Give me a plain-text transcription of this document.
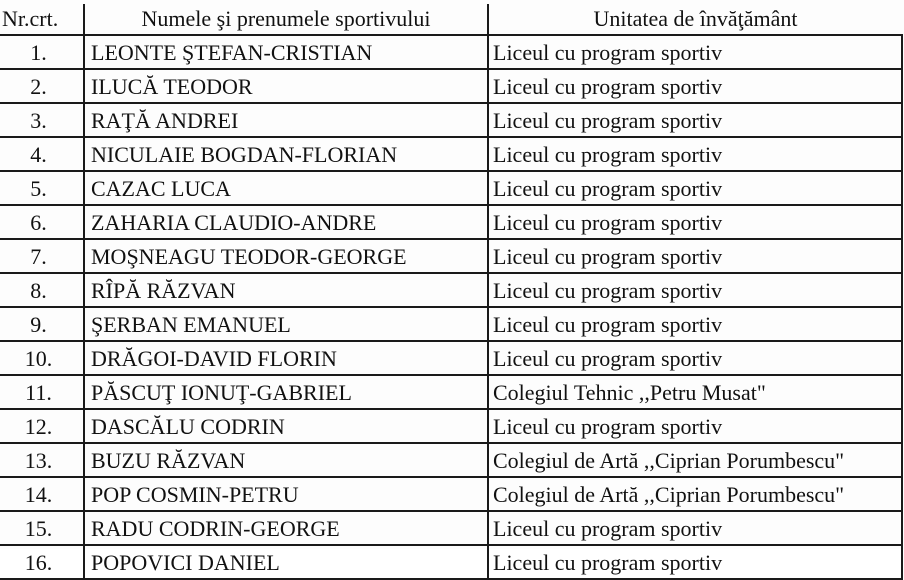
Nr.crt.	Numele şi prenumele sportivului	Unitatea de învăţământ
1.	LEONTE ŞTEFAN-CRISTIAN	Liceul cu program sportiv
2.	ILUCĂ TEODOR	Liceul cu program sportiv
3.	RAŢĂ ANDREI	Liceul cu program sportiv
4.	NICULAIE BOGDAN-FLORIAN	Liceul cu program sportiv
5.	CAZAC LUCA	Liceul cu program sportiv
6.	ZAHARIA CLAUDIO-ANDRE	Liceul cu program sportiv
7.	MOŞNEAGU TEODOR-GEORGE	Liceul cu program sportiv
8.	RÎPĂ RĂZVAN	Liceul cu program sportiv
9.	ŞERBAN EMANUEL	Liceul cu program sportiv
10.	DRĂGOI-DAVID FLORIN	Liceul cu program sportiv
11.	PĂSCUŢ IONUŢ-GABRIEL	Colegiul Tehnic ,,Petru Musat"
12.	DASCĂLU CODRIN	Liceul cu program sportiv
13.	BUZU RĂZVAN	Colegiul de Artă ,,Ciprian Porumbescu"
14.	POP COSMIN-PETRU	Colegiul de Artă ,,Ciprian Porumbescu"
15.	RADU CODRIN-GEORGE	Liceul cu program sportiv
16.	POPOVICI DANIEL	Liceul cu program sportiv
